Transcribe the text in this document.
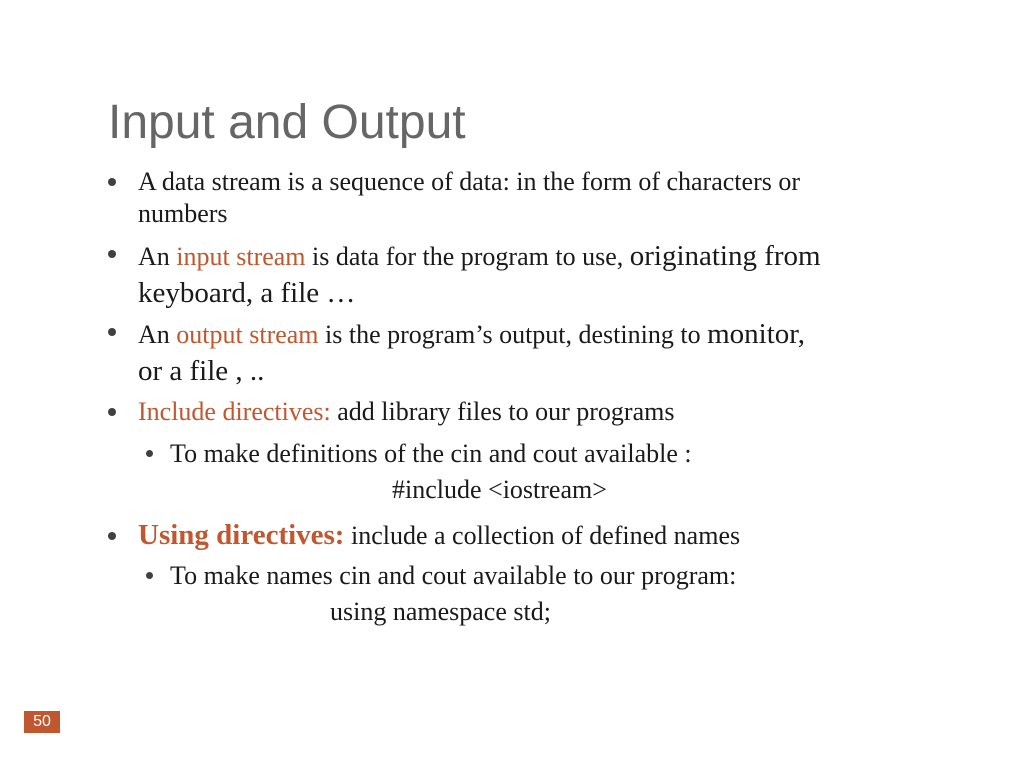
Input and Output
A data stream is a sequence of data: in the form of characters or
numbers
An input stream is data for the program to use, originating from
keyboard, a file …
An output stream is the program’s output, destining to monitor,
or a file , ..
Include directives: add library files to our programs
To make definitions of the cin and cout available :
#include <iostream>
Using directives: include a collection of defined names
To make names cin and cout available to our program:
using namespace std;
50
